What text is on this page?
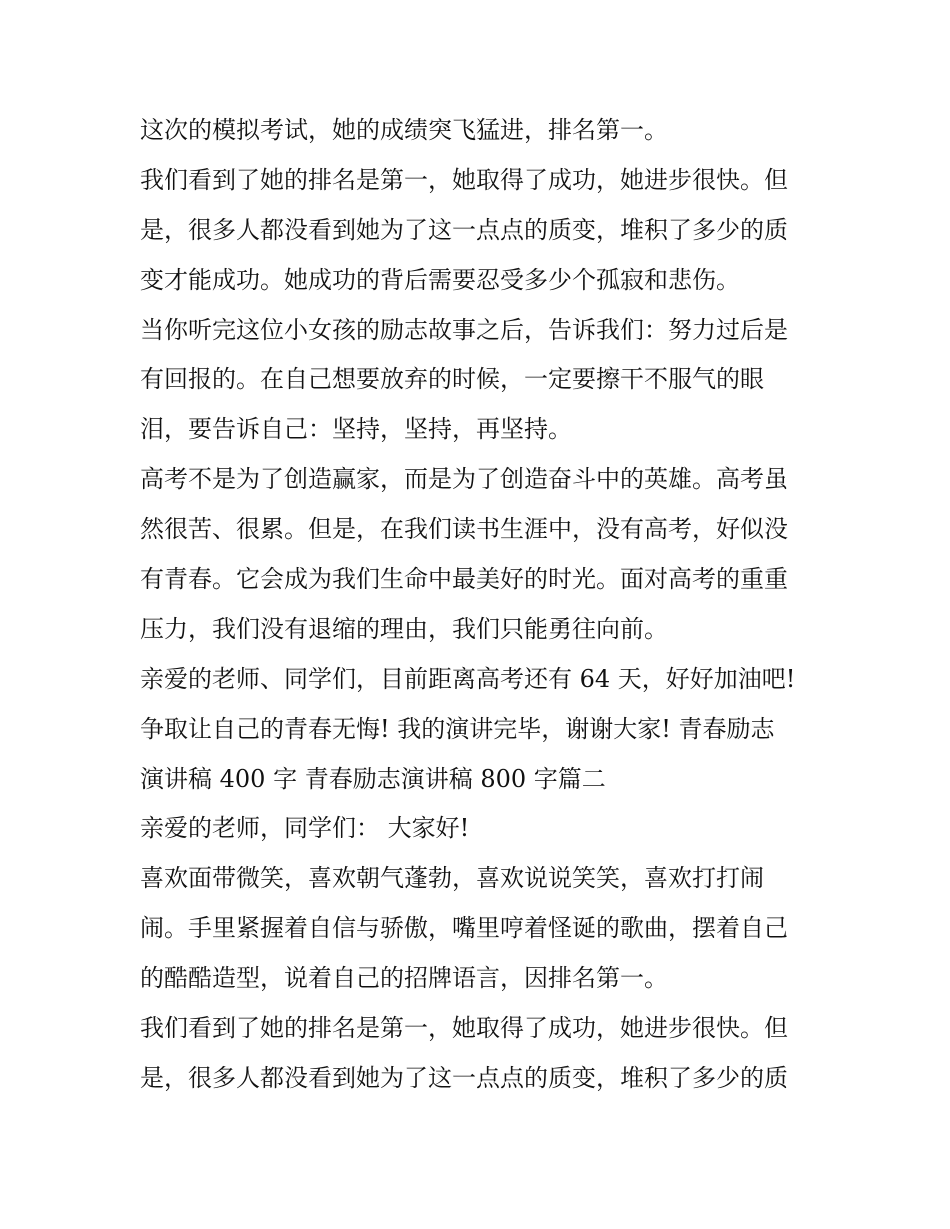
这次的模拟考试，她的成绩突飞猛进，排名第一。
我们看到了她的排名是第一，她取得了成功，她进步很快。但
是，很多人都没看到她为了这一点点的质变，堆积了多少的质
变才能成功。她成功的背后需要忍受多少个孤寂和悲伤。
当你听完这位小女孩的励志故事之后，告诉我们：努力过后是
有回报的。在自己想要放弃的时候，一定要擦干不服气的眼
泪，要告诉自己：坚持，坚持，再坚持。
高考不是为了创造赢家，而是为了创造奋斗中的英雄。高考虽
然很苦、很累。但是，在我们读书生涯中，没有高考，好似没
有青春。它会成为我们生命中最美好的时光。面对高考的重重
压力，我们没有退缩的理由，我们只能勇往向前。
亲爱的老师、同学们，目前距离高考还有 64 天，好好加油吧!
争取让自己的青春无悔! 我的演讲完毕，谢谢大家! 青春励志
演讲稿 400 字 青春励志演讲稿 800 字篇二
亲爱的老师，同学们： 大家好!
喜欢面带微笑，喜欢朝气蓬勃，喜欢说说笑笑，喜欢打打闹
闹。手里紧握着自信与骄傲，嘴里哼着怪诞的歌曲，摆着自己
的酷酷造型，说着自己的招牌语言，因排名第一。
我们看到了她的排名是第一，她取得了成功，她进步很快。但
是，很多人都没看到她为了这一点点的质变，堆积了多少的质
